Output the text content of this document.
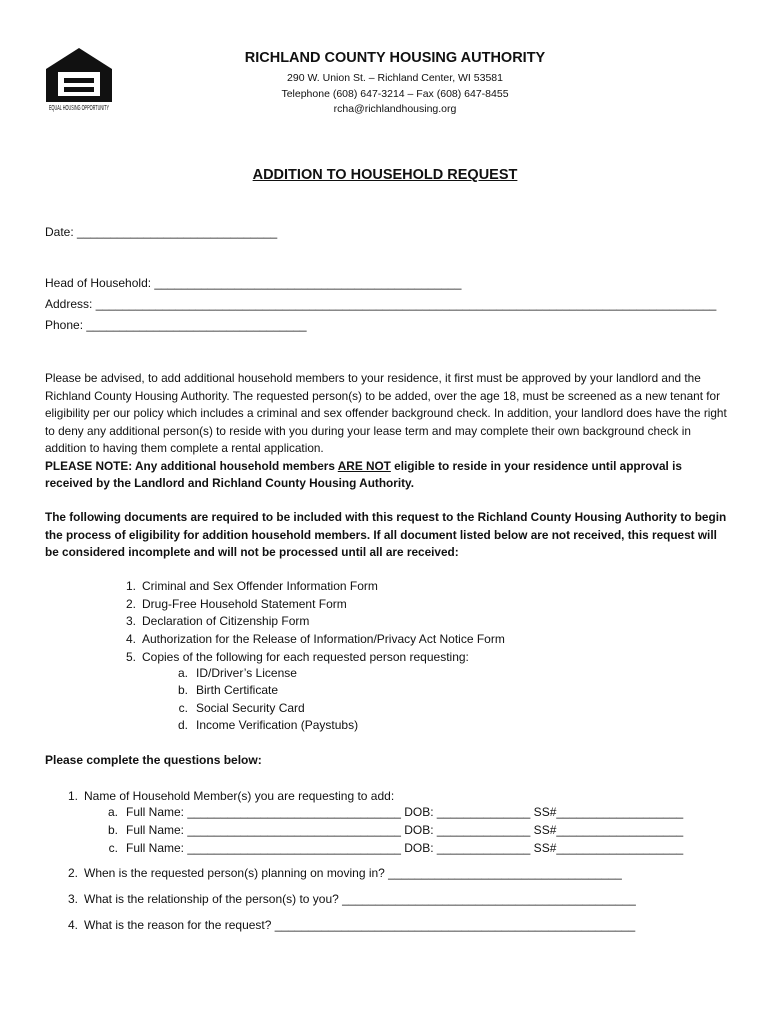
EQUAL HOUSING OPPORTUNITY
RICHLAND COUNTY HOUSING AUTHORITY
290 W. Union St. – Richland Center, WI 53581
Telephone (608) 647-3214 – Fax (608) 647-8455
rcha@richlandhousing.org
ADDITION TO HOUSEHOLD REQUEST
Date: ______________________________
Head of Household: ______________________________________________
Address: _____________________________________________________________________________________________
Phone: _________________________________

Please be advised, to add additional household members to your residence, it first must be approved by your landlord and the Richland County Housing Authority. The requested person(s) to be added, over the age 18, must be screened as a new tenant for eligibility per our policy which includes a criminal and sex offender background check. In addition, your landlord does have the right to deny any additional person(s) to reside with you during your lease term and may complete their own background check in addition to having them complete a rental application.

PLEASE NOTE: Any additional household members ARE NOT eligible to reside in your residence until approval is received by the Landlord and Richland County Housing Authority.

The following documents are required to be included with this request to the Richland County Housing Authority to begin the process of eligibility for addition household members. If all document listed below are not received, this request will be considered incomplete and will not be processed until all are received:
1. Criminal and Sex Offender Information Form
2. Drug-Free Household Statement Form
3. Declaration of Citizenship Form
4. Authorization for the Release of Information/Privacy Act Notice Form
5. Copies of the following for each requested person requesting:
a. ID/Driver’s License
b. Birth Certificate
c. Social Security Card
d. Income Verification (Paystubs)
Please complete the questions below:
1. Name of Household Member(s) you are requesting to add:
a. Full Name: ________________________________ DOB: ______________ SS#___________________
b. Full Name: ________________________________ DOB: ______________ SS#___________________
c. Full Name: ________________________________ DOB: ______________ SS#___________________
2. When is the requested person(s) planning on moving in? ___________________________________
3. What is the relationship of the person(s) to you? ____________________________________________
4. What is the reason for the request? ______________________________________________________
